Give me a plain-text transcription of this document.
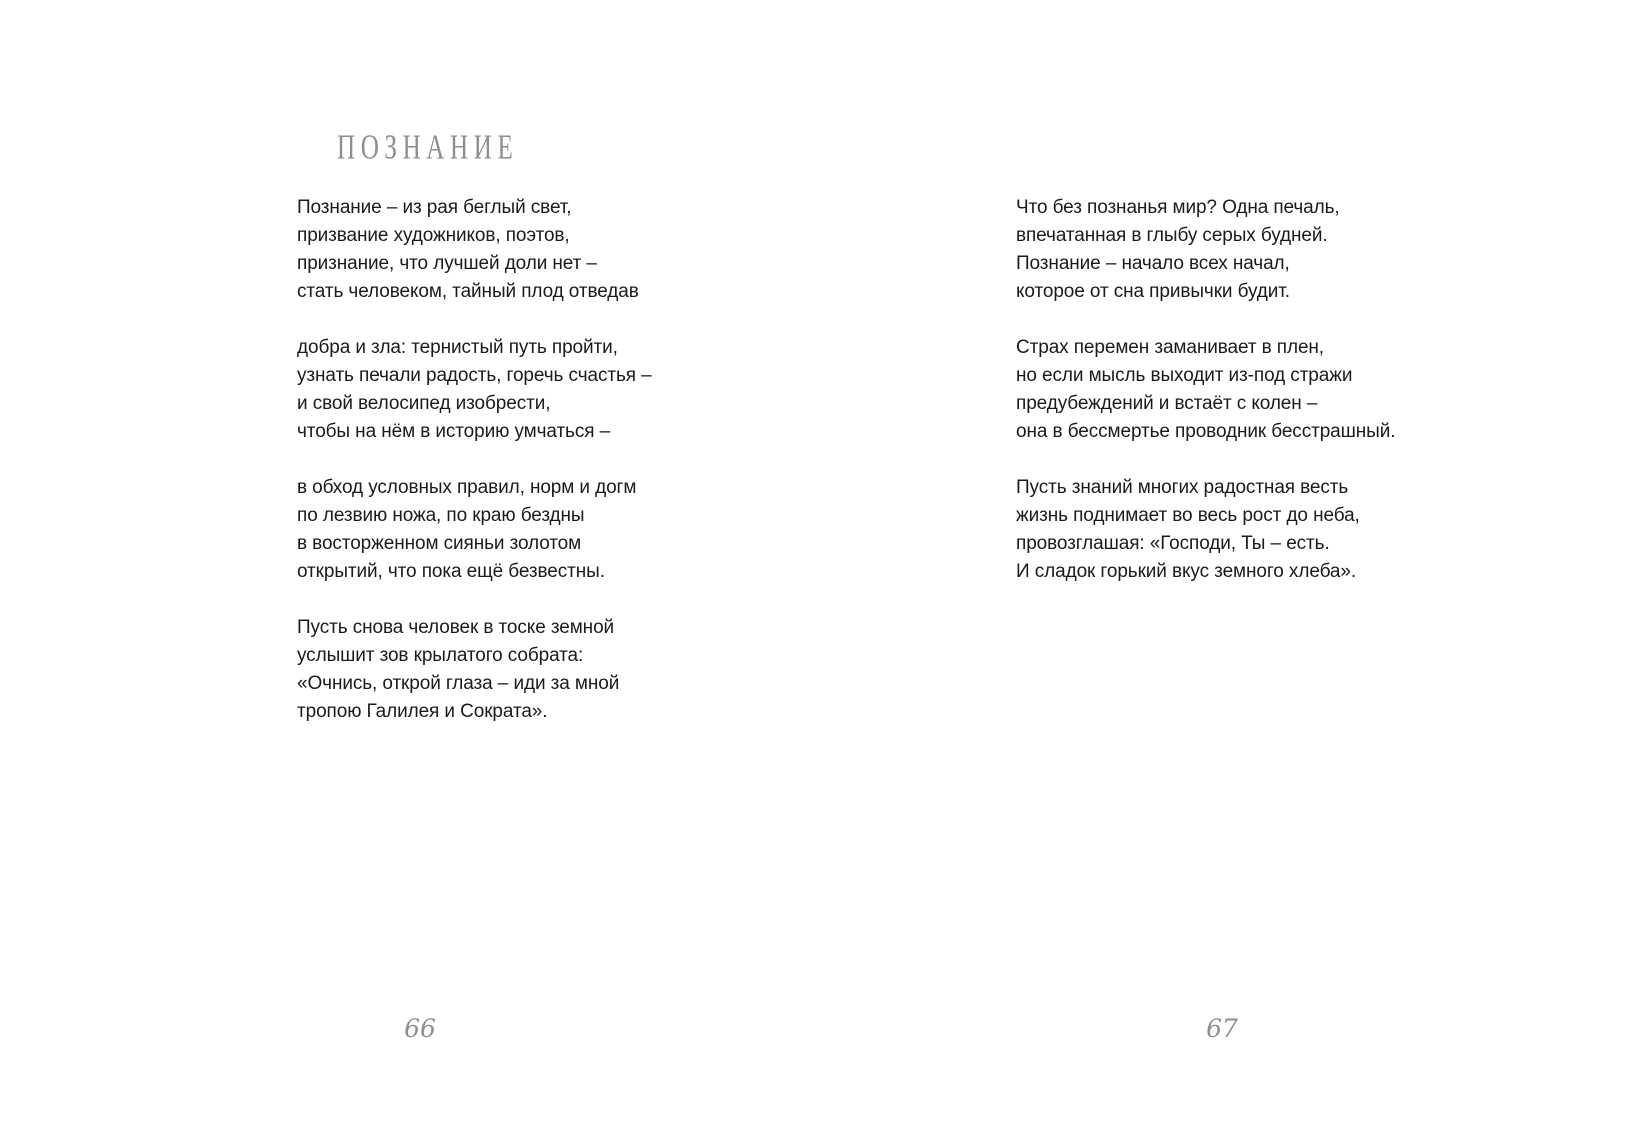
ПОЗНАНИЕ
Познание – из рая беглый свет,
призвание художников, поэтов,
признание, что лучшей доли нет –
стать человеком, тайный плод отведав
добра и зла: тернистый путь пройти,
узнать печали радость, горечь счастья –
и свой велосипед изобрести,
чтобы на нём в историю умчаться –
в обход условных правил, норм и догм
по лезвию ножа, по краю бездны
в восторженном сияньи золотом
открытий, что пока ещё безвестны.
Пусть снова человек в тоске земной
услышит зов крылатого собрата:
«Очнись, открой глаза – иди за мной
тропою Галилея и Сократа».
Что без познанья мир? Одна печаль,
впечатанная в глыбу серых будней.
Познание – начало всех начал,
которое от сна привычки будит.
Страх перемен заманивает в плен,
но если мысль выходит из-под стражи
предубеждений и встаёт с колен –
она в бессмертье проводник бесстрашный.
Пусть знаний многих радостная весть
жизнь поднимает во весь рост до неба,
провозглашая: «Господи, Ты – есть.
И сладок горький вкус земного хлеба».
66	67
